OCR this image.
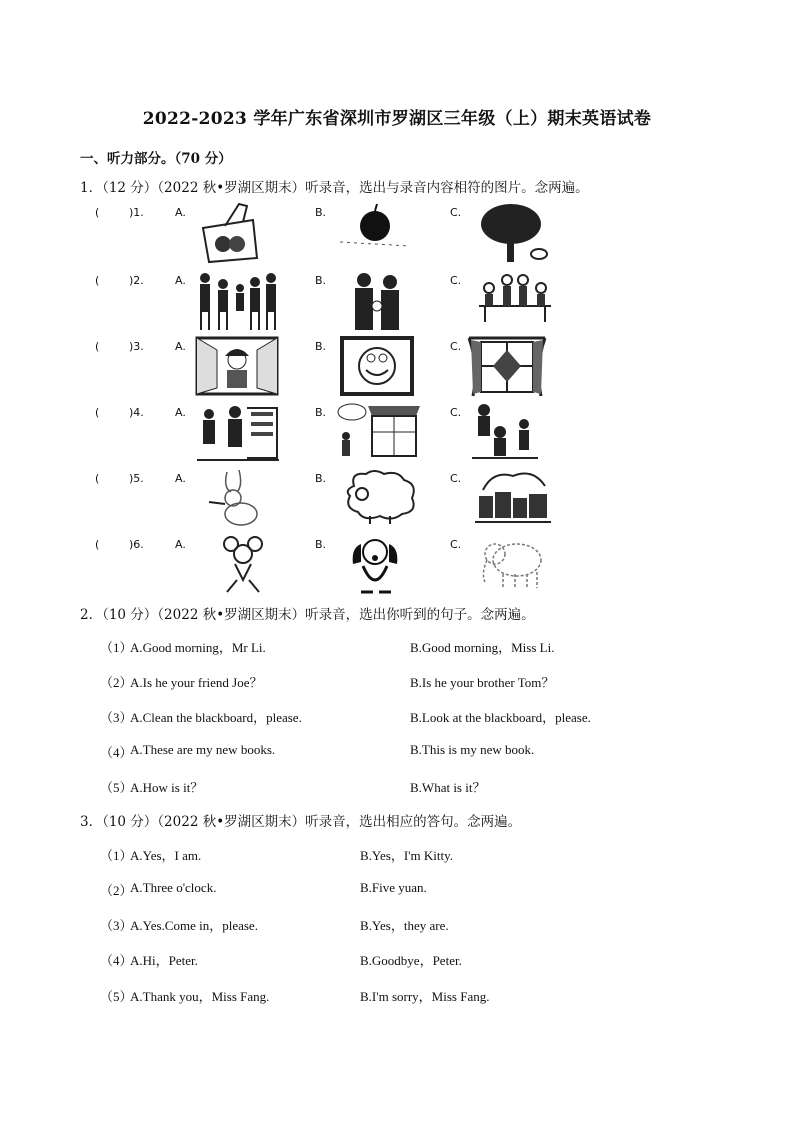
2022-2023 学年广东省深圳市罗湖区三年级（上）期末英语试卷
一、听力部分。（70 分）
1．（12 分）（2022 秋•罗湖区期末）听录音，选出与录音内容相符的图片。念两遍。
(	)1.	A.	B.	C.
(	)2.	A.	B.	C.
(	)3.	A.	B.	C.
(	)4.	A.	B.	C.
(	)5.	A.	B.	C.
(	)6.	A.	B.	C.
2．（10 分）（2022 秋•罗湖区期末）听录音，选出你听到的句子。念两遍。
（1）
A.Good morning，Mr Li.	B.Good morning，Miss Li.
（2）
A.Is he your friend Joe？	B.Is he your brother Tom？
（3）
A.Clean the blackboard，please.	B.Look at the blackboard，please.
（4）
A.These are my new books.	B.This is my new book.
（5）
A.How is it？	B.What is it？
3．（10 分）（2022 秋•罗湖区期末）听录音，选出相应的答句。念两遍。
（1）
A.Yes，I am.	B.Yes，I'm Kitty.
（2）
A.Three o'clock.	B.Five yuan.
（3）
A.Yes.Come in，please.	B.Yes，they are.
（4）
A.Hi，Peter.	B.Goodbye，Peter.
（5）
A.Thank you，Miss Fang.	B.I'm sorry，Miss Fang.
